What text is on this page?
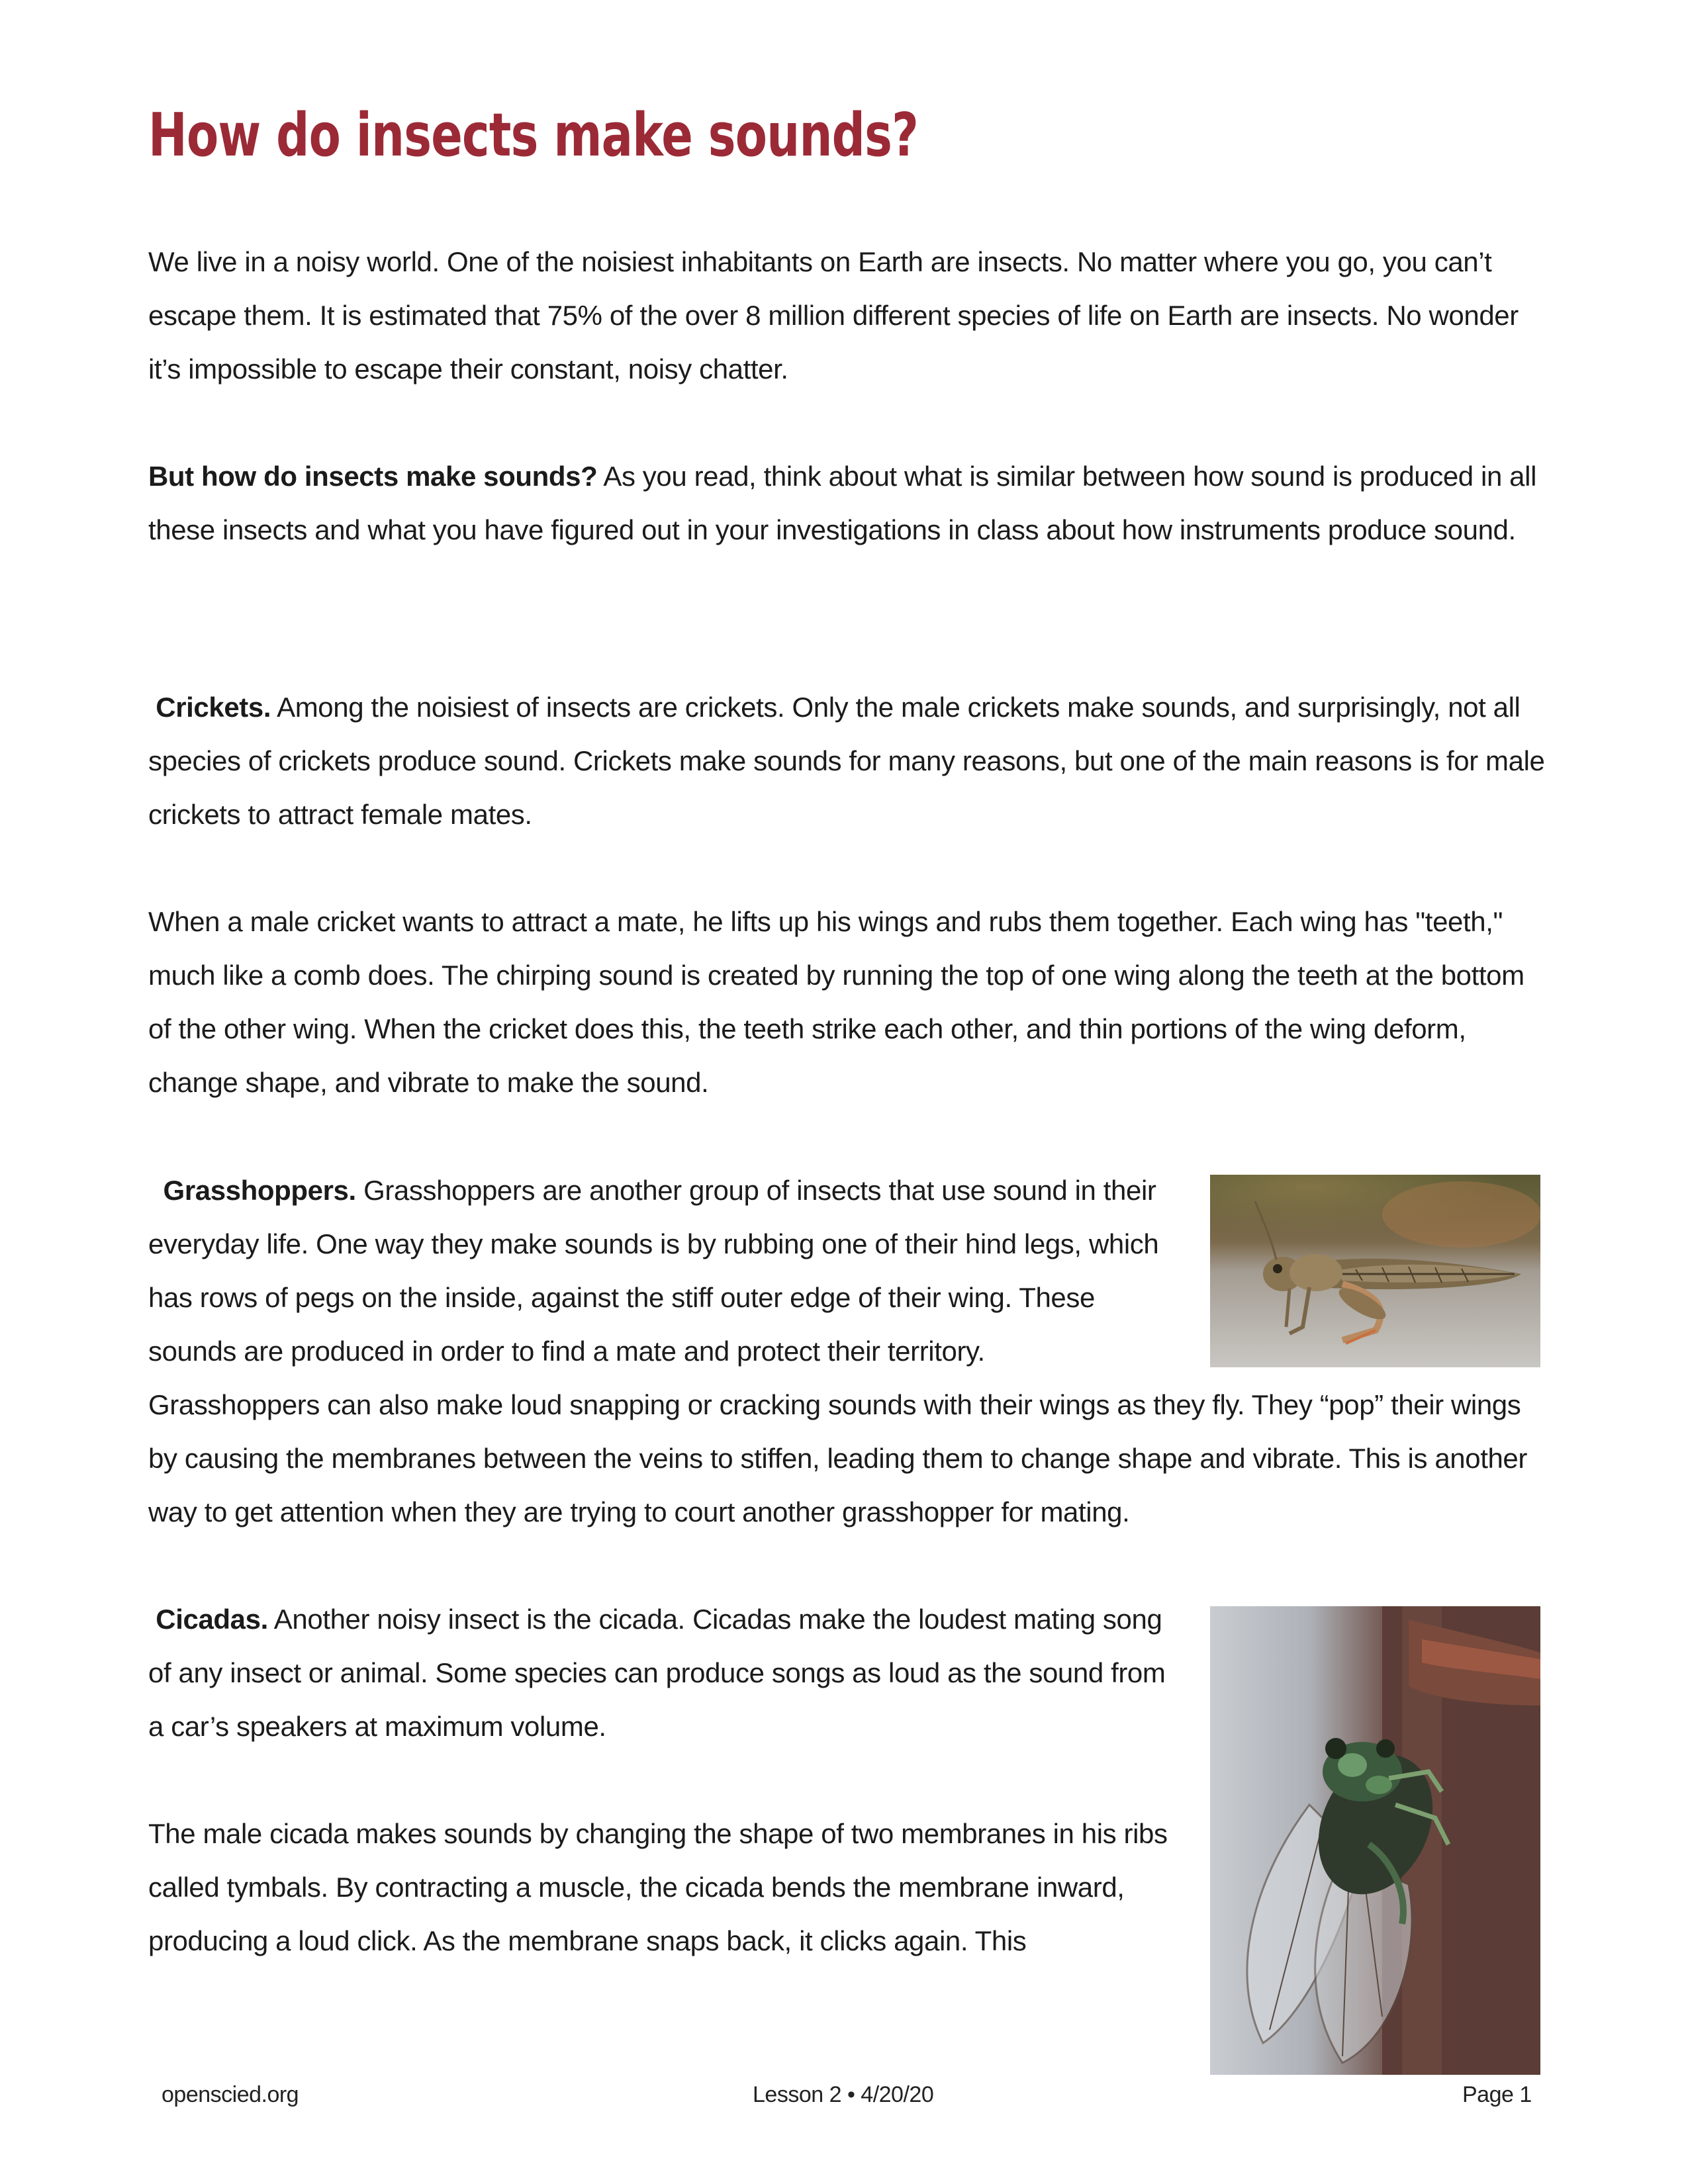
How do insects make sounds?

We live in a noisy world. One of the noisiest inhabitants on Earth are insects. No matter where you go, you can’t escape them. It is estimated that 75% of the over 8 million different species of life on Earth are insects. No wonder it’s impossible to escape their constant, noisy chatter.

But how do insects make sounds? As you read, think about what is similar between how sound is produced in all these insects and what you have figured out in your investigations in class about how instruments produce sound.

Crickets. Among the noisiest of insects are crickets. Only the male crickets make sounds, and surprisingly, not all species of crickets produce sound. Crickets make sounds for many reasons, but one of the main reasons is for male crickets to attract female mates.

When a male cricket wants to attract a mate, he lifts up his wings and rubs them together. Each wing has "teeth," much like a comb does. The chirping sound is created by running the top of one wing along the teeth at the bottom of the other wing. When the cricket does this, the teeth strike each other, and thin portions of the wing deform, change shape, and vibrate to make the sound.

Grasshoppers. Grasshoppers are another group of insects that use sound in their everyday life. One way they make sounds is by rubbing one of their hind legs, which has rows of pegs on the inside, against the stiff outer edge of their wing. These sounds are produced in order to find a mate and protect their territory.

Grasshoppers can also make loud snapping or cracking sounds with their wings as they fly. They “pop” their wings by causing the membranes between the veins to stiffen, leading them to change shape and vibrate. This is another way to get attention when they are trying to court another grasshopper for mating.

Cicadas. Another noisy insect is the cicada. Cicadas make the loudest mating song of any insect or animal. Some species can produce songs as loud as the sound from a car’s speakers at maximum volume.

The male cicada makes sounds by changing the shape of two membranes in his ribs called tymbals. By contracting a muscle, the cicada bends the membrane inward, producing a loud click. As the membrane snaps back, it clicks again. This

openscied.org	Lesson 2 • 4/20/20	Page 1
